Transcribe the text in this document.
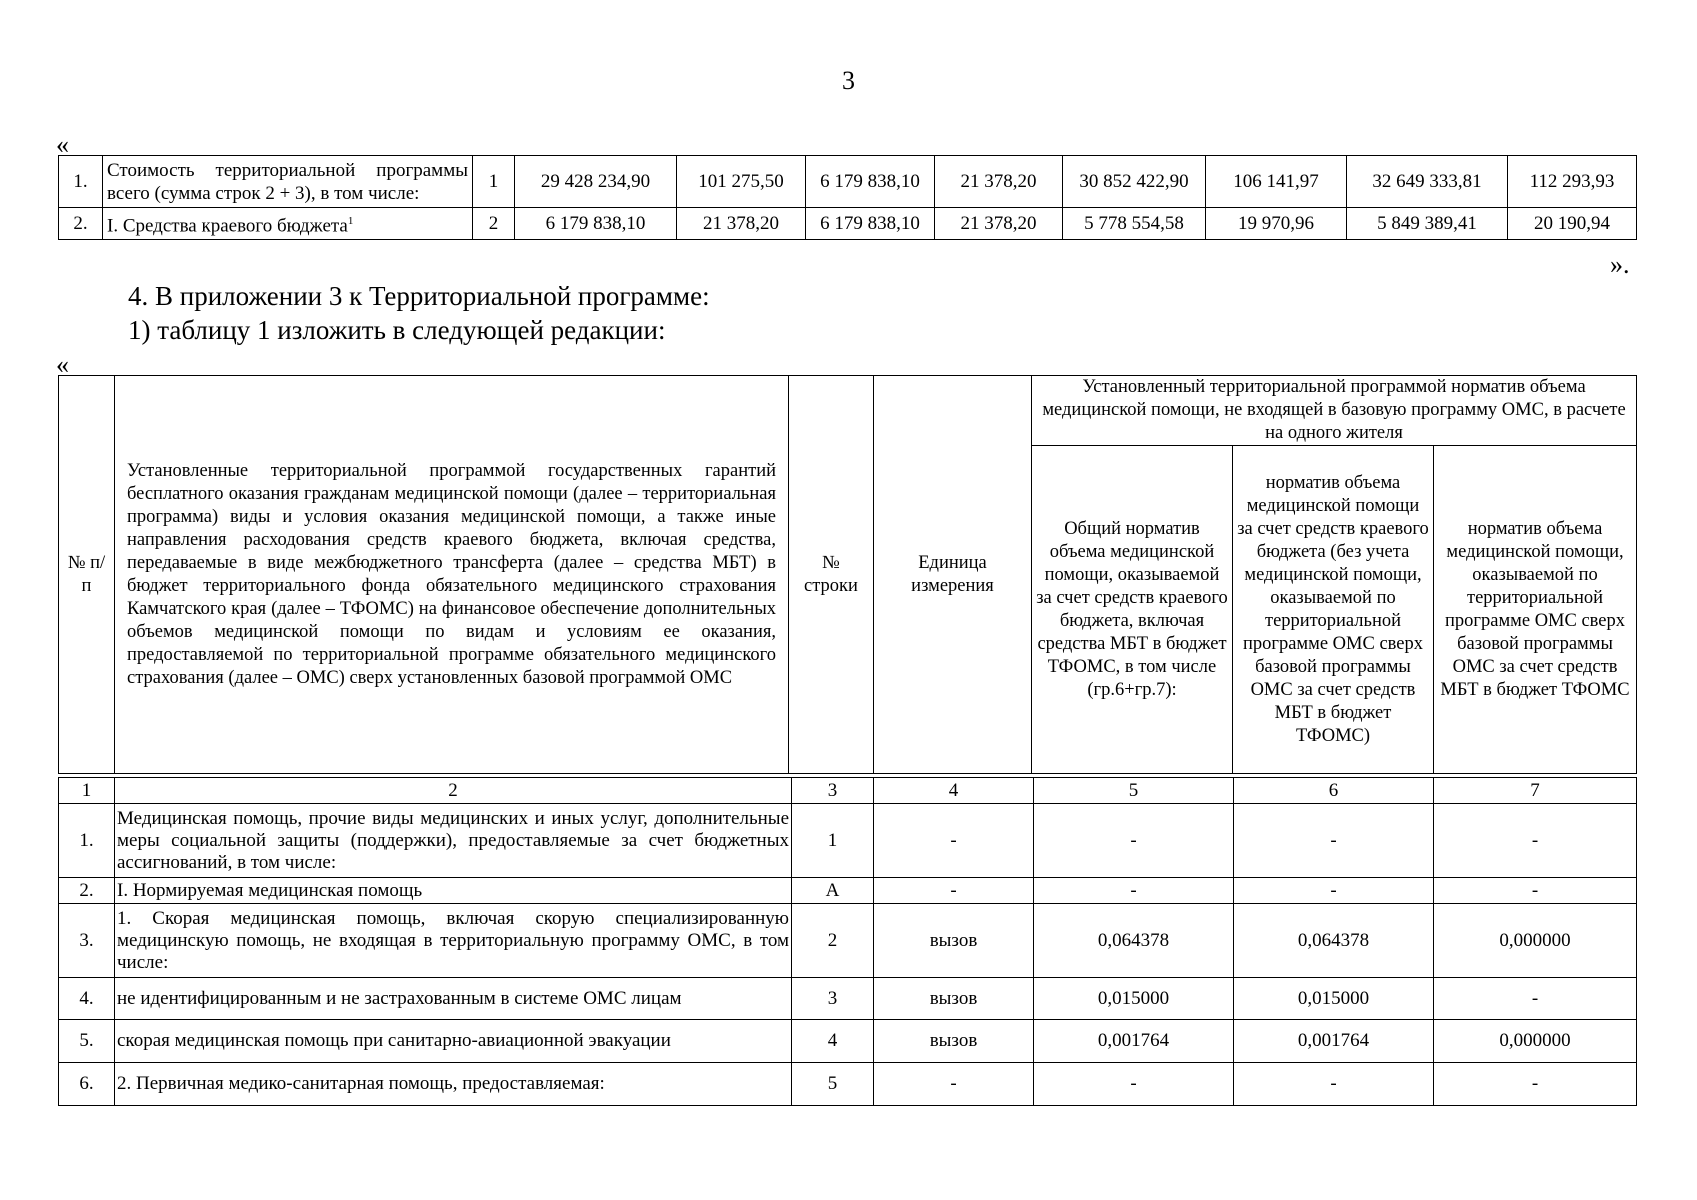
3
«
1.	Стоимость территориальной программы всего (сумма строк 2 + 3), в том числе:	1	29 428 234,90	101 275,50	6 179 838,10	21 378,20	30 852 422,90	106 141,97	32 649 333,81	112 293,93
2.	I. Средства краевого бюджета$^1$	2	6 179 838,10	21 378,20	6 179 838,10	21 378,20	5 778 554,58	19 970,96	5 849 389,41	20 190,94
».
4. В приложении 3 к Территориальной программе:
1) таблицу 1 изложить в следующей редакции:
«
№ п/п	Установленные территориальной программой государственных гарантий бесплатного оказания гражданам медицинской помощи (далее – территориальная программа) виды и условия оказания медицинской помощи, а также иные направления расходования средств краевого бюджета, включая средства, передаваемые в виде межбюджетного трансферта (далее – средства МБТ) в бюджет территориального фонда обязательного медицинского страхования Камчатского края (далее – ТФОМС) на финансовое обеспечение дополнительных объемов медицинской помощи по видам и условиям ее оказания, предоставляемой по территориальной программе обязательного медицинского страхования (далее – ОМС) сверх установленных базовой программой ОМС	№ строки	Единица измерения	Установленный территориальной программой норматив объема медицинской помощи, не входящей в базовую программу ОМС, в расчете на одного жителя		
				Общий норматив объема медицинской помощи, оказываемой за счет средств краевого бюджета, включая средства МБТ в бюджет ТФОМС, в том числе (гр.6+гр.7):	норматив объема медицинской помощи за счет средств краевого бюджета (без учета медицинской помощи, оказываемой по территориальной программе ОМС сверх базовой программы ОМС за счет средств МБТ в бюджет ТФОМС)	норматив объема медицинской помощи, оказываемой по территориальной программе ОМС сверх базовой программы ОМС за счет средств МБТ в бюджет ТФОМС
1	2	3	4	5	6	7
1.	Медицинская помощь, прочие виды медицинских и иных услуг, дополнительные меры социальной защиты (поддержки), предоставляемые за счет бюджетных ассигнований, в том числе:	1	-	-	-	-
2.	I. Нормируемая медицинская помощь	А	-	-	-	-
3.	1. Скорая медицинская помощь, включая скорую специализированную медицинскую помощь, не входящая в территориальную программу ОМС, в том числе:	2	вызов	0,064378	0,064378	0,000000
4.	не идентифицированным и не застрахованным в системе ОМС лицам	3	вызов	0,015000	0,015000	-
5.	скорая медицинская помощь при санитарно-авиационной эвакуации	4	вызов	0,001764	0,001764	0,000000
6.	2. Первичная медико-санитарная помощь, предоставляемая:	5	-	-	-	-
